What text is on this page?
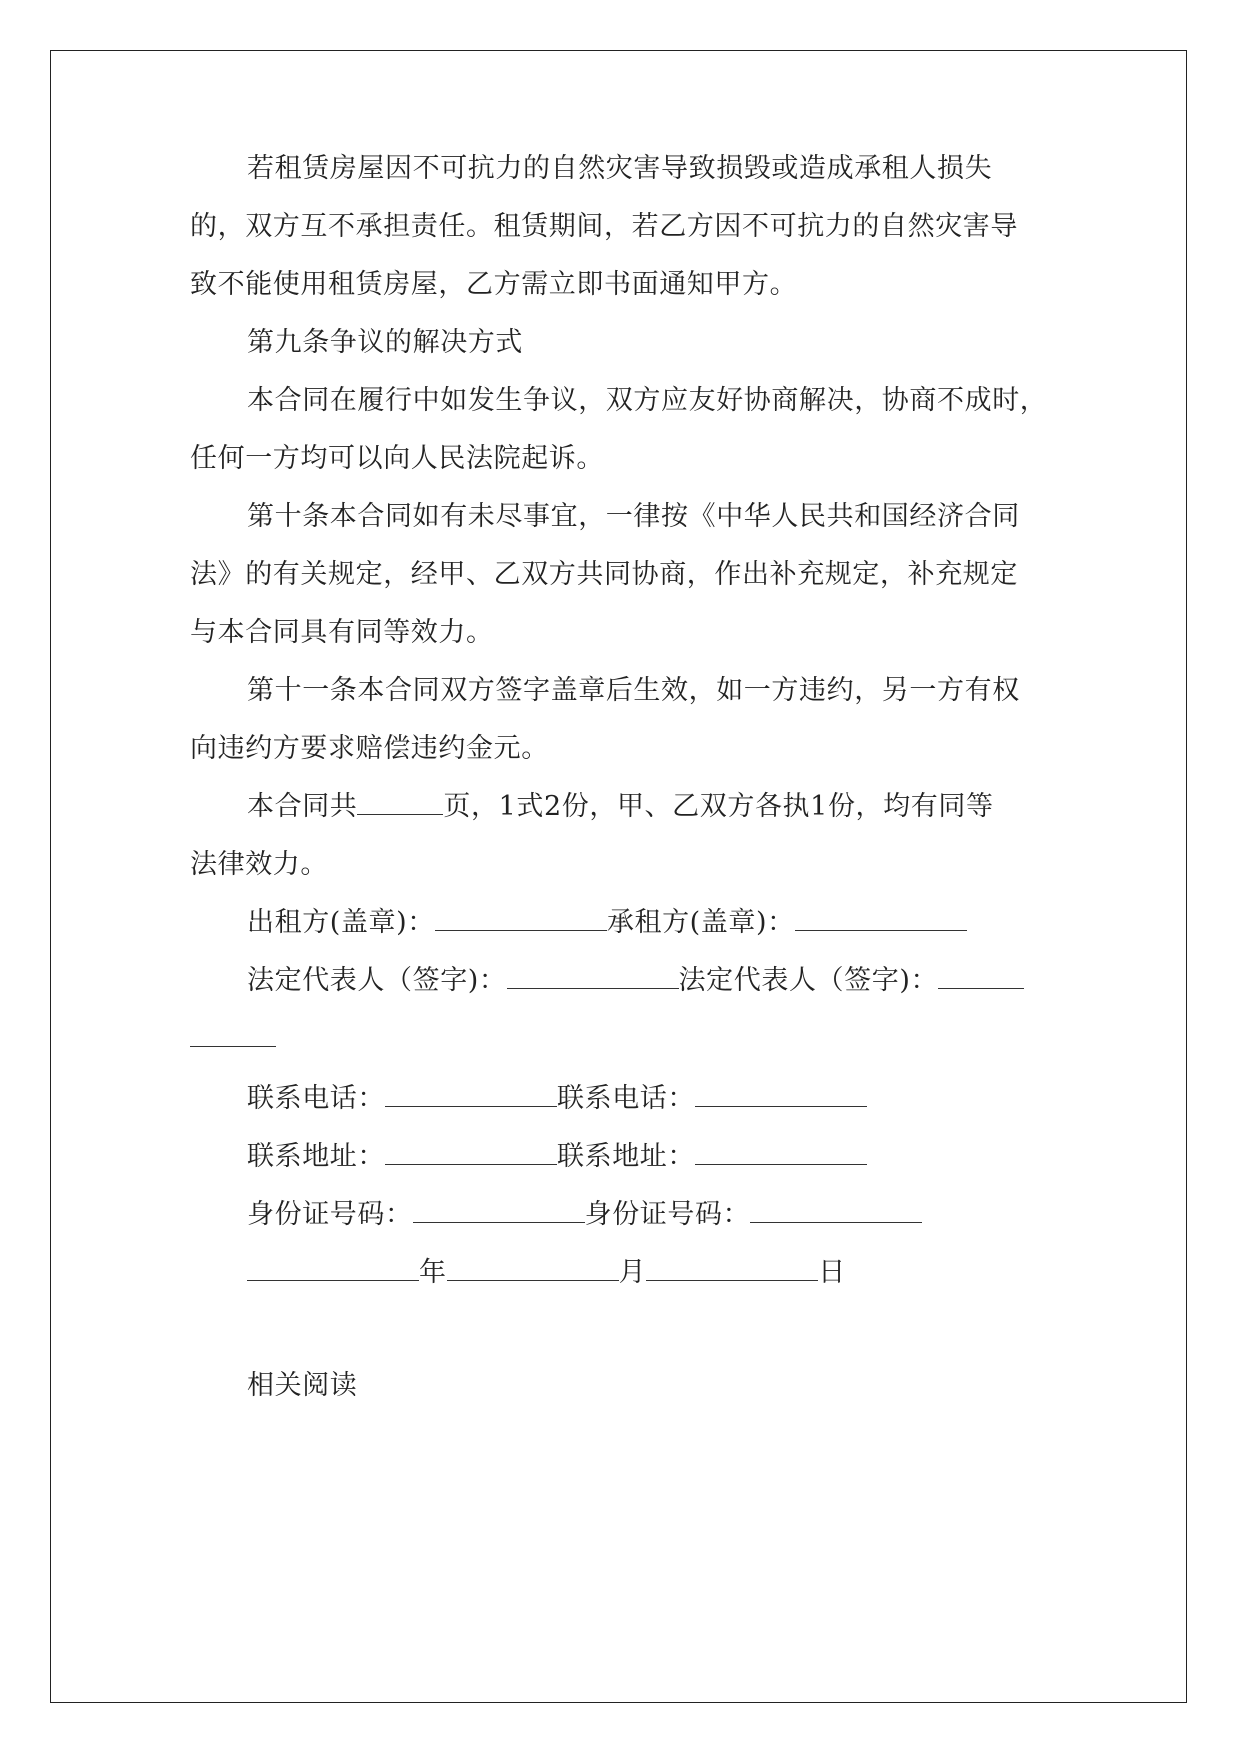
若租赁房屋因不可抗力的自然灾害导致损毁或造成承租人损失
的，双方互不承担责任。租赁期间，若乙方因不可抗力的自然灾害导
致不能使用租赁房屋，乙方需立即书面通知甲方。
第九条争议的解决方式
本合同在履行中如发生争议，双方应友好协商解决，协商不成时，
任何一方均可以向人民法院起诉。
第十条本合同如有未尽事宜，一律按《中华人民共和国经济合同
法》的有关规定，经甲、乙双方共同协商，作出补充规定，补充规定
与本合同具有同等效力。
第十一条本合同双方签字盖章后生效，如一方违约，另一方有权
向违约方要求赔偿违约金元。
本合同共	页，1式2份，甲、乙双方各执1份，均有同等
法律效力。
出租方(盖章)：	承租方(盖章)：
法定代表人（签字)：	法定代表人（签字)：
联系电话：	联系电话：
联系地址：	联系地址：
身份证号码：	身份证号码：
年	月	日
相关阅读
